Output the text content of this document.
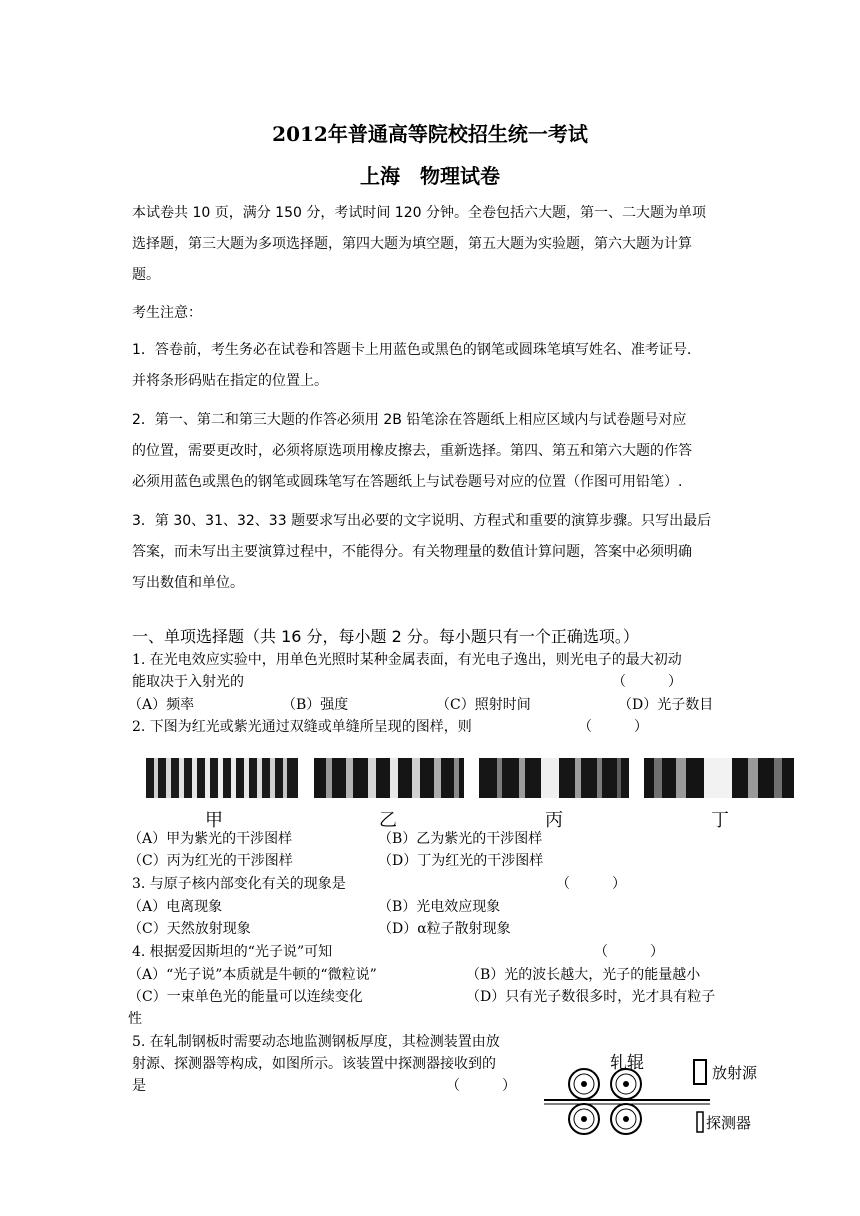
2012年普通高等院校招生统一考试
上海　物理试卷
本试卷共 10 页，满分 150 分，考试时间 120 分钟。全卷包括六大题，第一、二大题为单项
选择题，第三大题为多项选择题，第四大题为填空题，第五大题为实验题，第六大题为计算
题。
考生注意：
1．答卷前，考生务必在试卷和答题卡上用蓝色或黑色的钢笔或圆珠笔填写姓名、准考证号.
并将条形码贴在指定的位置上。
2．第一、第二和第三大题的作答必须用 2B 铅笔涂在答题纸上相应区域内与试卷题号对应
的位置，需要更改时，必须将原选项用橡皮擦去，重新选择。第四、第五和第六大题的作答
必须用蓝色或黑色的钢笔或圆珠笔写在答题纸上与试卷题号对应的位置（作图可用铅笔）.
3．第 30、31、32、33 题要求写出必要的文字说明、方程式和重要的演算步骤。只写出最后
答案，而未写出主要演算过程中，不能得分。有关物理量的数值计算问题，答案中必须明确
写出数值和单位。
一、单项选择题（共 16 分，每小题 2 分。每小题只有一个正确选项。）
1. 在光电效应实验中，用单色光照时某种金属表面，有光电子逸出，则光电子的最大初动
能取决于入射光的	（　　　）
（A）频率	（B）强度	（C）照射时间	（D）光子数目
2. 下图为红光或紫光通过双缝或单缝所呈现的图样，则	（　　　）
甲	乙	丙	丁
（A）甲为紫光的干涉图样	（B）乙为紫光的干涉图样
（C）丙为红光的干涉图样	（D）丁为红光的干涉图样
3. 与原子核内部变化有关的现象是	（　　　）
（A）电离现象	（B）光电效应现象
（C）天然放射现象	（D）α粒子散射现象
4. 根据爱因斯坦的“光子说”可知	（　　　）
（A）“光子说”本质就是牛顿的“微粒说”	（B）光的波长越大，光子的能量越小
（C）一束单色光的能量可以连续变化	（D）只有光子数很多时，光才具有粒子
性
5. 在轧制钢板时需要动态地监测钢板厚度，其检测装置由放
射源、探测器等构成，如图所示。该装置中探测器接收到的
是	（　　　）
轧辊	放射源
探测器
